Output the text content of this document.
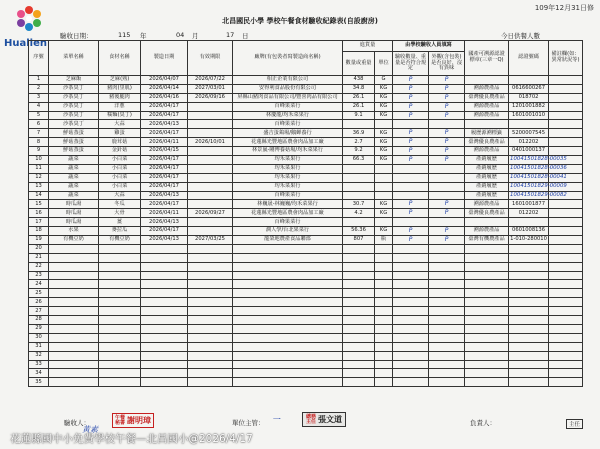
Hualien
109年12月31日修
北昌國民小學 學校午餐食材驗收紀錄表(自設廚房)
驗收日期：	115 年	04 月	17 日	今日供餐人數
序號	菜單名稱	食材名稱	製造日期	有效期限	廠牌(有包裝者寫製造商名稱)	進貨量		由學校驗收人員填寫		國產可溯源認證標章(三章一Q)	認證號碼	備註欄(如：異常狀況等)
						數量或重量	單位	驗收數量、重量是否符合規定	外觀(含包裝)是否良好、沒有異味			
1	芝麻飯	芝麻(熟)	2026/04/07	2026/07/22	相正企業有限公司	438	G	P	P			
2	沙茶臭丁	豬肉(里肌)	2026/04/14	2027/03/01	安得利食品股份有限公司	34.8	KG	P	P	溯源農產品	0616600267	
3	沙茶臭丁	豬後腿肉	2026/04/16	2026/09/16	屏縣山豬肉食品有限公司/豐喜肉品有限公司	26.1	KG	P	P	臺灣優良農產品	018702	
4	沙茶臭丁	洋蔥	2026/04/17		百峰果菜行	26.1	KG	P	P	溯源農產品	1201001882	
5	沙茶臭丁	糯麵(臭丁)	2026/04/17		林慶龍/均禾菜果行	9.1	KG	P	P	溯源農產品	1601001010	
6	沙茶臭丁	大蒜	2026/04/13		百峰果菜行							
7	鮮菇蒸蛋	雞蛋	2026/04/17		盛吉蛋鶏場/鵝蝉養行	36.9	KG	P	P	履歷源溯標籤	5200007545	
8	鮮菇蒸蛋	鹿茸菇	2026/04/11	2026/10/01	花蓮縣光豐地區農會肉品加工廠	2.7	KG	P	P	臺灣優良農產品	012202	
9	鮮菇蒸蛋	金針菇	2026/04/15		林景嵐-剛博養菇場/均禾菜果行	9.2	KG	P	P	溯源農產品	0401000137	
10	蔬菜	小白菜	2026/04/17		均禾菜果行	66.3	KG	P	P	產銷履歷	10041501828-00035	
11	蔬菜	小白菜	2026/04/17		均禾菜果行					產銷履歷	10041501828-00036	
12	蔬菜	小白菜	2026/04/17		均禾菜果行					產銷履歷	10041501828-00041	
13	蔬菜	小白菜	2026/04/17		均禾菜果行					產銷履歷	10041501829-00009	
14	蔬菜	大蒜	2026/04/13		百峰果菜行					產銷履歷	10041501829-00082	
15	時瓜湯	冬瓜	2026/04/17		林巍晟-林巍巍/均禾菜果行	30.7	KG	P	P	溯源農產品	1601001877	
16	時瓜湯	大骨	2026/04/11	2026/09/27	花蓮縣光豐地區農會肉品加工廠	4.2	KG	P	P	臺灣優良農產品	012202	
17	時瓜湯	薑	2026/04/13		百峰果菜行							
18	水果	麥拉瓜	2026/04/17		潤人學/台北果菜行	56.36	KG	P	P	溯源農產品	0601008136	
19	有機豆奶	有機豆奶	2026/04/13	2027/03/25	龍榮地農產食品聯部	807	瓶	P	P	臺灣有機農產品	1-010-280010	
20												
21												
22												
23												
24												
25												
26												
27												
28												
29												
30												
31												
32												
33												
34												
35												
驗收人：
黃素
午餐秘書 謝明璋	單位主管： 一	總務主任 張文道	負責人：	主任
花蓮縣國中小免費學校午餐—北昌國小@2026/4/17
